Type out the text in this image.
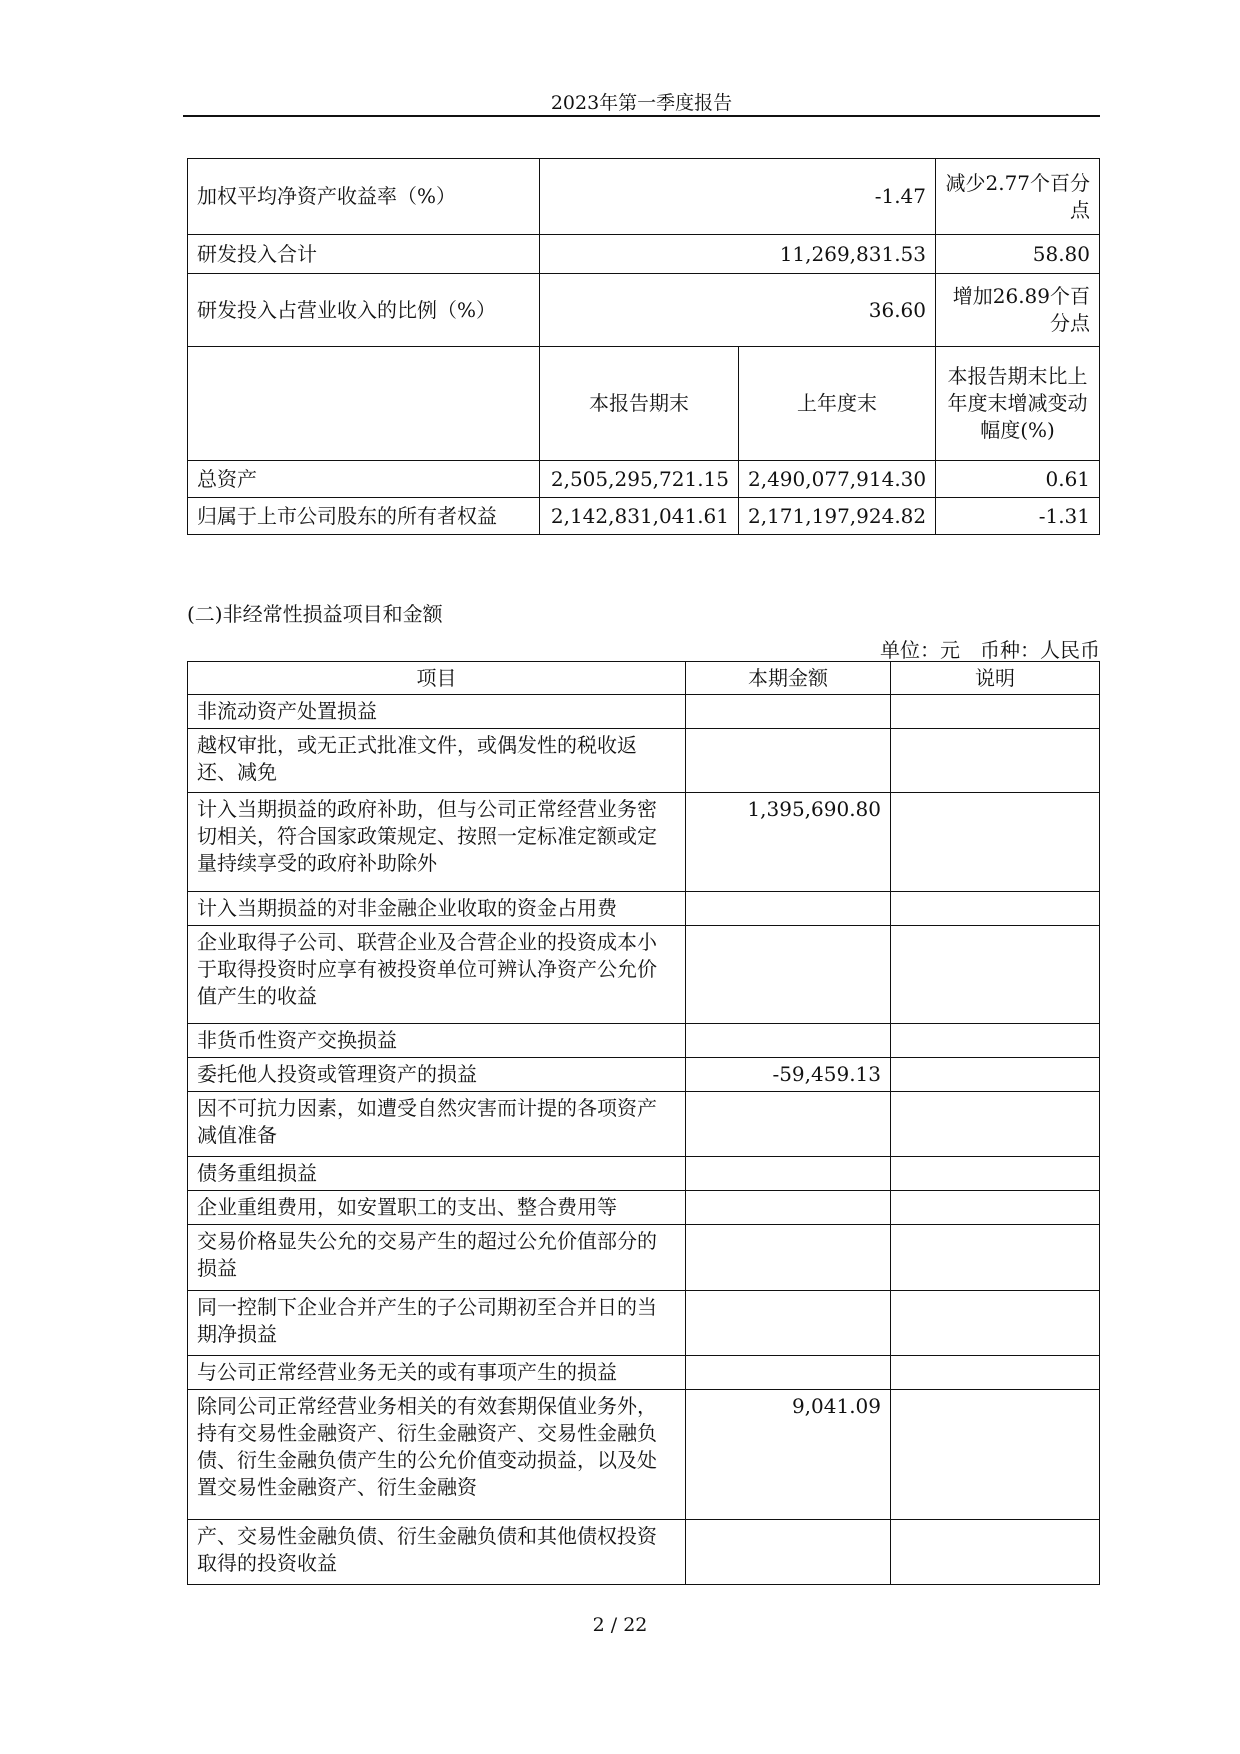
2023年第一季度报告
加权平均净资产收益率（%）	-1.47		减少2.77个百分点
研发投入合计	11,269,831.53		58.80
研发投入占营业收入的比例（%）	36.60		增加26.89个百分点
	本报告期末	上年度末	本报告期末比上年度末增减变动幅度(%)
总资产	2,505,295,721.15	2,490,077,914.30	0.61
归属于上市公司股东的所有者权益	2,142,831,041.61	2,171,197,924.82	-1.31
(二)非经常性损益项目和金额
单位：元　币种：人民币
项目	本期金额	说明
非流动资产处置损益		
越权审批，或无正式批准文件，或偶发性的税收返还、减免		
计入当期损益的政府补助，但与公司正常经营业务密切相关，符合国家政策规定、按照一定标准定额或定量持续享受的政府补助除外	1,395,690.80	
计入当期损益的对非金融企业收取的资金占用费		
企业取得子公司、联营企业及合营企业的投资成本小于取得投资时应享有被投资单位可辨认净资产公允价值产生的收益		
非货币性资产交换损益		
委托他人投资或管理资产的损益	-59,459.13	
因不可抗力因素，如遭受自然灾害而计提的各项资产减值准备		
债务重组损益		
企业重组费用，如安置职工的支出、整合费用等		
交易价格显失公允的交易产生的超过公允价值部分的损益		
同一控制下企业合并产生的子公司期初至合并日的当期净损益		
与公司正常经营业务无关的或有事项产生的损益		
除同公司正常经营业务相关的有效套期保值业务外，持有交易性金融资产、衍生金融资产、交易性金融负债、衍生金融负债产生的公允价值变动损益，以及处置交易性金融资产、衍生金融资	9,041.09	
产、交易性金融负债、衍生金融负债和其他债权投资取得的投资收益		
2 / 22
